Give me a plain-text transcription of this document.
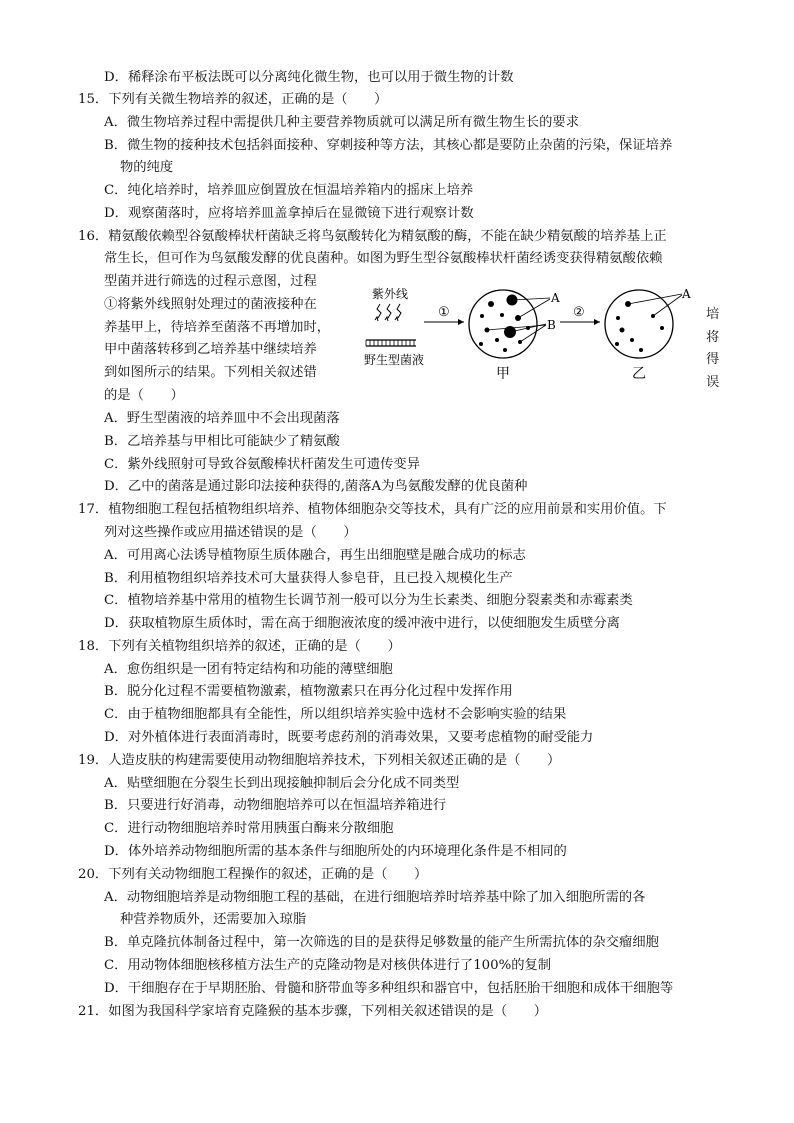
D．稀释涂布平板法既可以分离纯化微生物，也可以用于微生物的计数
15．下列有关微生物培养的叙述，正确的是（　　）
A．微生物培养过程中需提供几种主要营养物质就可以满足所有微生物生长的要求
B．微生物的接种技术包括斜面接种、穿刺接种等方法，其核心都是要防止杂菌的污染，保证培养
物的纯度
C．纯化培养时，培养皿应倒置放在恒温培养箱内的摇床上培养
D．观察菌落时，应将培养皿盖拿掉后在显微镜下进行观察计数
16．精氨酸依赖型谷氨酸棒状杆菌缺乏将鸟氨酸转化为精氨酸的酶，不能在缺少精氨酸的培养基上正
常生长，但可作为鸟氨酸发酵的优良菌种。如图为野生型谷氨酸棒状杆菌经诱变获得精氨酸依赖
型菌并进行筛选的过程示意图，过程
①将紫外线照射处理过的菌液接种在
养基甲上，待培养至菌落不再增加时，
甲中菌落转移到乙培养基中继续培养
到如图所示的结果。下列相关叙述错
的是（　　）
A．野生型菌液的培养皿中不会出现菌落
B．乙培养基与甲相比可能缺少了精氨酸
C．紫外线照射可导致谷氨酸棒状杆菌发生可遗传变异
D．乙中的菌落是通过影印法接种获得的,菌落A为鸟氨酸发酵的优良菌种
17．植物细胞工程包括植物组织培养、植物体细胞杂交等技术，具有广泛的应用前景和实用价值。下
列对这些操作或应用描述错误的是（　　）
A．可用离心法诱导植物原生质体融合，再生出细胞壁是融合成功的标志
B．利用植物组织培养技术可大量获得人参皂苷，且已投入规模化生产
C．植物培养基中常用的植物生长调节剂一般可以分为生长素类、细胞分裂素类和赤霉素类
D．获取植物原生质体时，需在高于细胞液浓度的缓冲液中进行，以使细胞发生质壁分离
18．下列有关植物组织培养的叙述，正确的是（　　）
A．愈伤组织是一团有特定结构和功能的薄壁细胞
B．脱分化过程不需要植物激素，植物激素只在再分化过程中发挥作用
C．由于植物细胞都具有全能性，所以组织培养实验中选材不会影响实验的结果
D．对外植体进行表面消毒时，既要考虑药剂的消毒效果，又要考虑植物的耐受能力
19．人造皮肤的构建需要使用动物细胞培养技术，下列相关叙述正确的是（　　）
A．贴壁细胞在分裂生长到出现接触抑制后会分化成不同类型
B．只要进行好消毒，动物细胞培养可以在恒温培养箱进行
C．进行动物细胞培养时常用胰蛋白酶来分散细胞
D．体外培养动物细胞所需的基本条件与细胞所处的内环境理化条件是不相同的
20．下列有关动物细胞工程操作的叙述，正确的是（　　）
A．动物细胞培养是动物细胞工程的基础，在进行细胞培养时培养基中除了加入细胞所需的各
种营养物质外，还需要加入琼脂
B．单克隆抗体制备过程中，第一次筛选的目的是获得足够数量的能产生所需抗体的杂交瘤细胞
C．用动物体细胞核移植方法生产的克隆动物是对核供体进行了100%的复制
D．干细胞存在于早期胚胎、骨髓和脐带血等多种组织和器官中，包括胚胎干细胞和成体干细胞等
21．如图为我国科学家培育克隆猴的基本步骤，下列相关叙述错误的是（　　）
紫外线
野生型菌液
①
A
B
甲
②
A
乙
培
将
得
误
